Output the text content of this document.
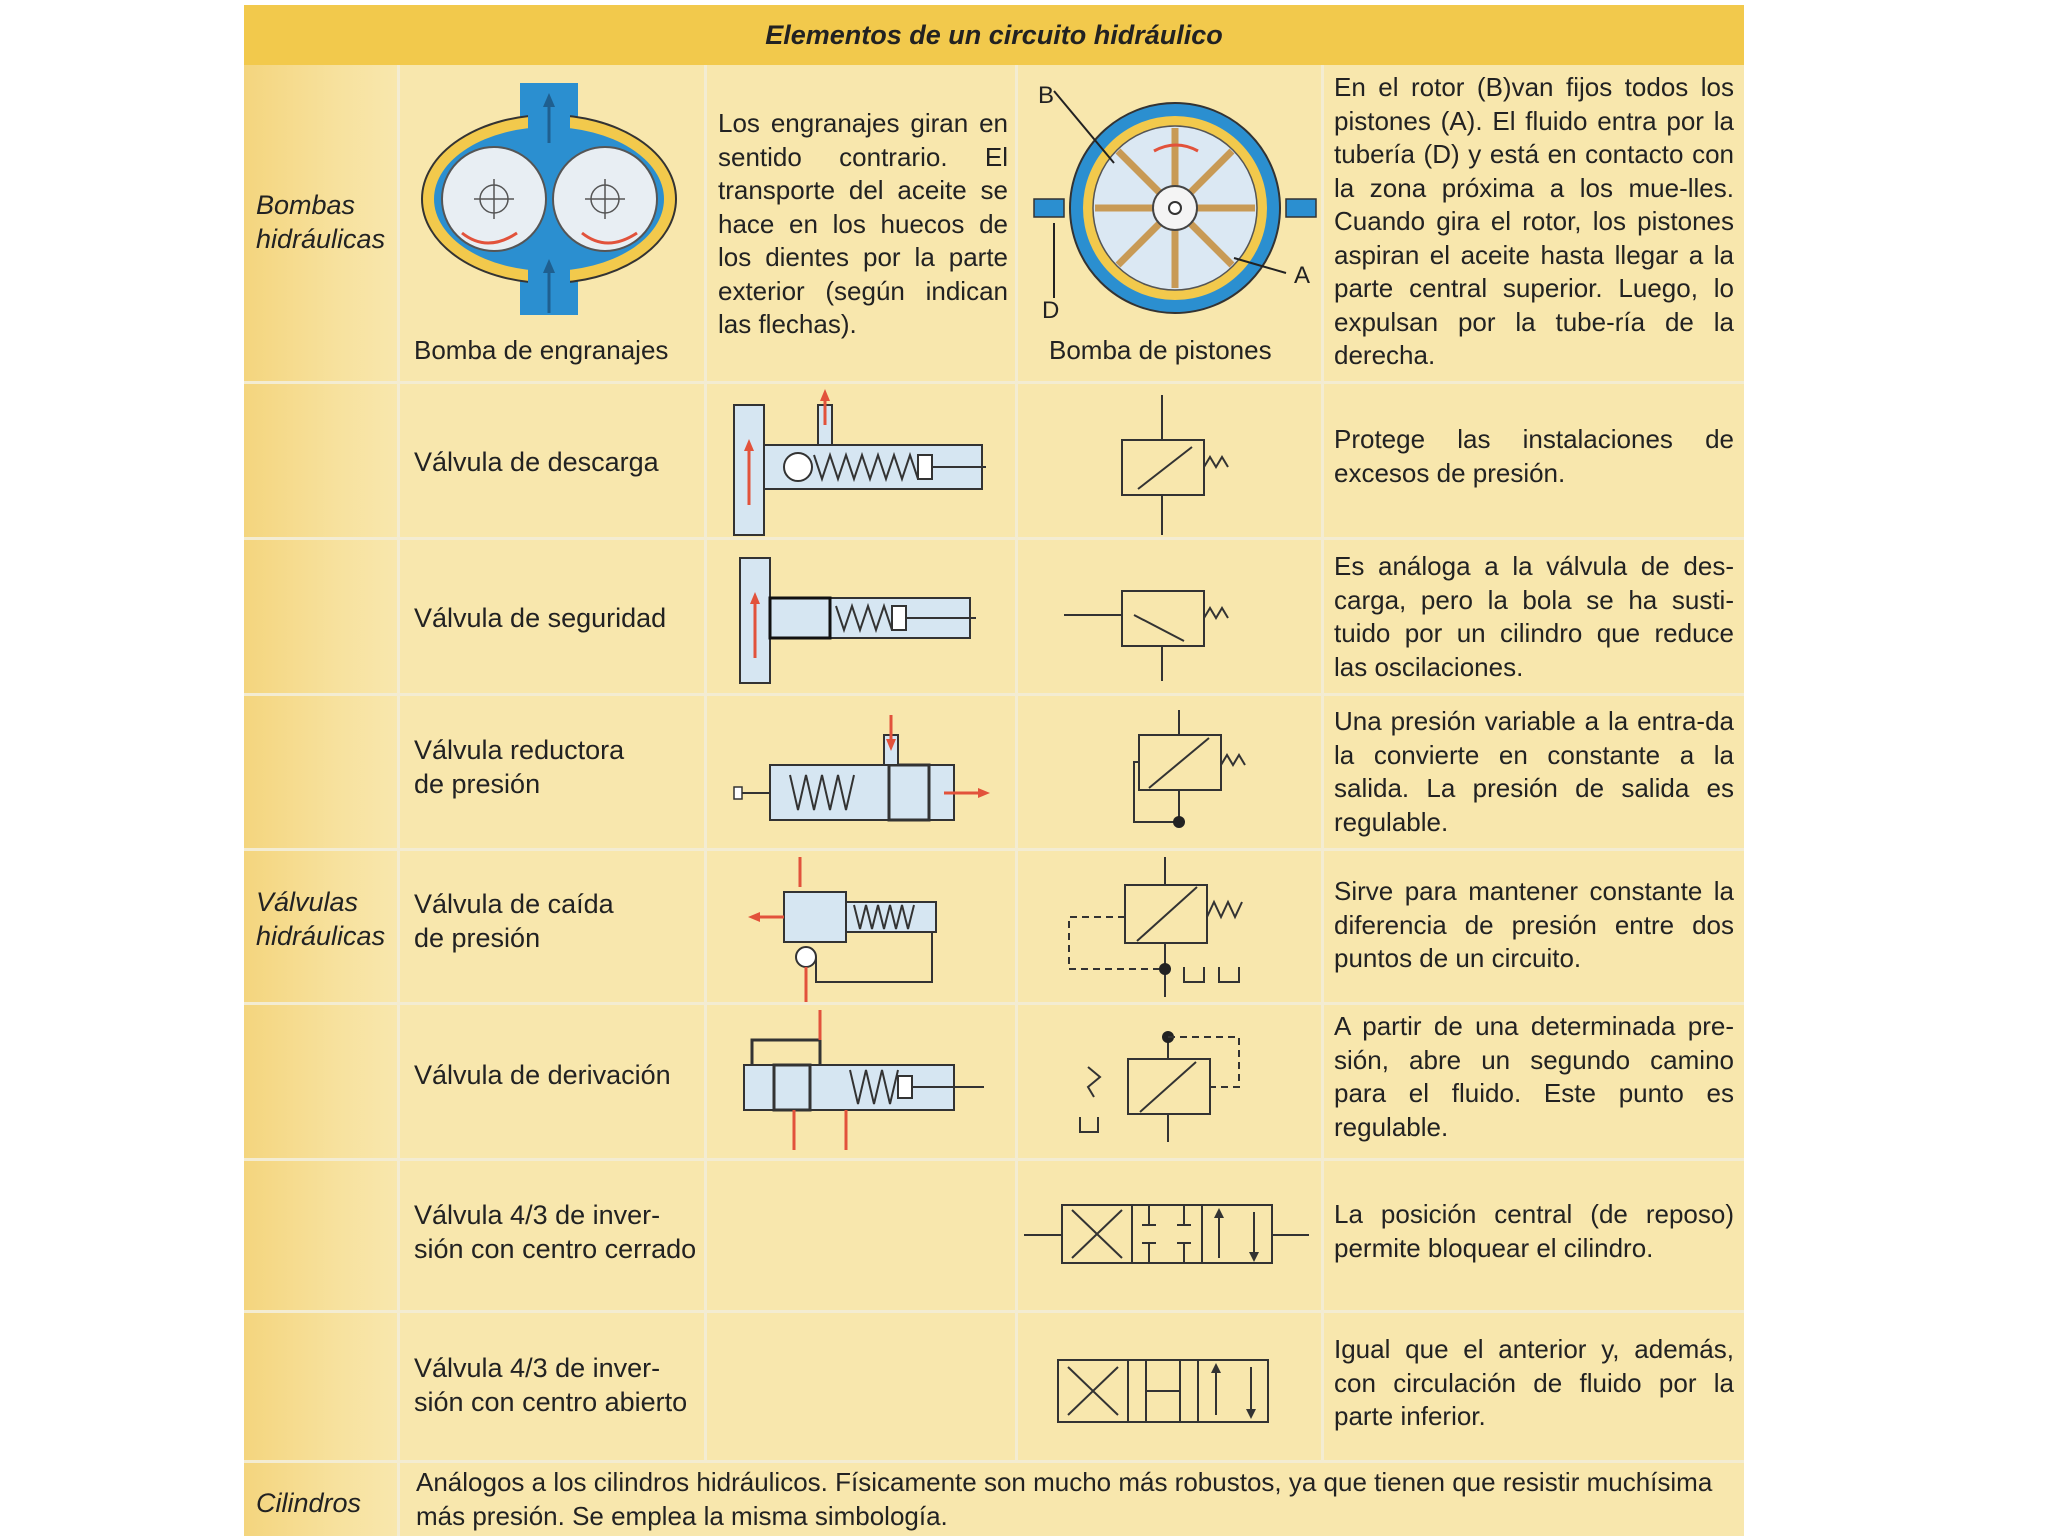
Elementos de un circuito hidráulico
Bombas
hidráulicas
Válvulas
hidráulicas
Cilindros
Bomba de engranajes
Los engranajes giran en sentido contrario. El transporte del aceite se hace en los huecos de los dientes por la parte exterior (según indican las flechas).
B
D
A
Bomba de pistones
En el rotor (B)van fijos todos los pistones (A). El fluido entra por la tubería (D) y está en contacto con la zona próxima a los mue-lles. Cuando gira el rotor, los pistones aspiran el aceite hasta llegar a la parte central superior. Luego, lo expulsan por la tube-ría de la derecha.
Válvula de descarga
Protege las instalaciones de excesos de presión.
Válvula de seguridad
Es análoga a la válvula de des-carga, pero la bola se ha susti-tuido por un cilindro que reduce las oscilaciones.
Válvula reductora
de presión
Una presión variable a la entra-da la convierte en constante a la salida. La presión de salida es regulable.
Válvula de caída
de presión
Sirve para mantener constante la diferencia de presión entre dos puntos de un circuito.
Válvula de derivación
A partir de una determinada pre-sión, abre un segundo camino para el fluido. Este punto es regulable.
Válvula 4/3 de inver-
sión con centro cerrado
La posición central (de reposo) permite bloquear el cilindro.
Válvula 4/3 de inver-
sión con centro abierto
Igual que el anterior y, además, con circulación de fluido por la parte inferior.
Análogos a los cilindros hidráulicos. Físicamente son mucho más robustos, ya que tienen que resistir muchísima más presión. Se emplea la misma simbología.
